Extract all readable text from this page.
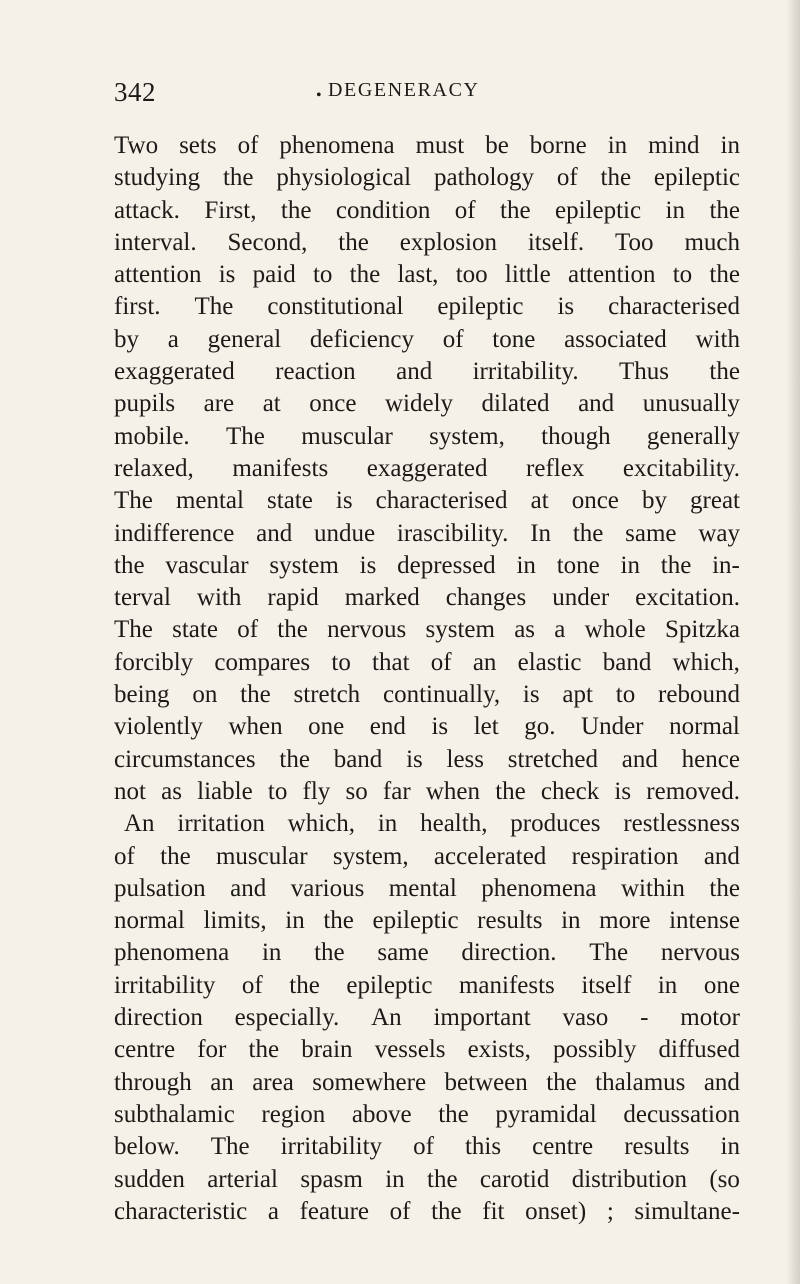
342	• DEGENERACY
Two sets of phenomena must be borne in mind in
studying the physiological pathology of the epileptic
attack. First, the condition of the epileptic in the
interval. Second, the explosion itself. Too much
attention is paid to the last, too little attention to the
first. The constitutional epileptic is characterised
by a general deficiency of tone associated with
exaggerated reaction and irritability. Thus the
pupils are at once widely dilated and unusually
mobile. The muscular system, though generally
relaxed, manifests exaggerated reflex excitability.
The mental state is characterised at once by great
indifference and undue irascibility. In the same way
the vascular system is depressed in tone in the in-
terval with rapid marked changes under excitation.
The state of the nervous system as a whole Spitzka
forcibly compares to that of an elastic band which,
being on the stretch continually, is apt to rebound
violently when one end is let go. Under normal
circumstances the band is less stretched and hence
not as liable to fly so far when the check is removed.
An irritation which, in health, produces restlessness
of the muscular system, accelerated respiration and
pulsation and various mental phenomena within the
normal limits, in the epileptic results in more intense
phenomena in the same direction. The nervous
irritability of the epileptic manifests itself in one
direction especially. An important vaso - motor
centre for the brain vessels exists, possibly diffused
through an area somewhere between the thalamus and
subthalamic region above the pyramidal decussation
below. The irritability of this centre results in
sudden arterial spasm in the carotid distribution (so
characteristic a feature of the fit onset) ; simultane-
